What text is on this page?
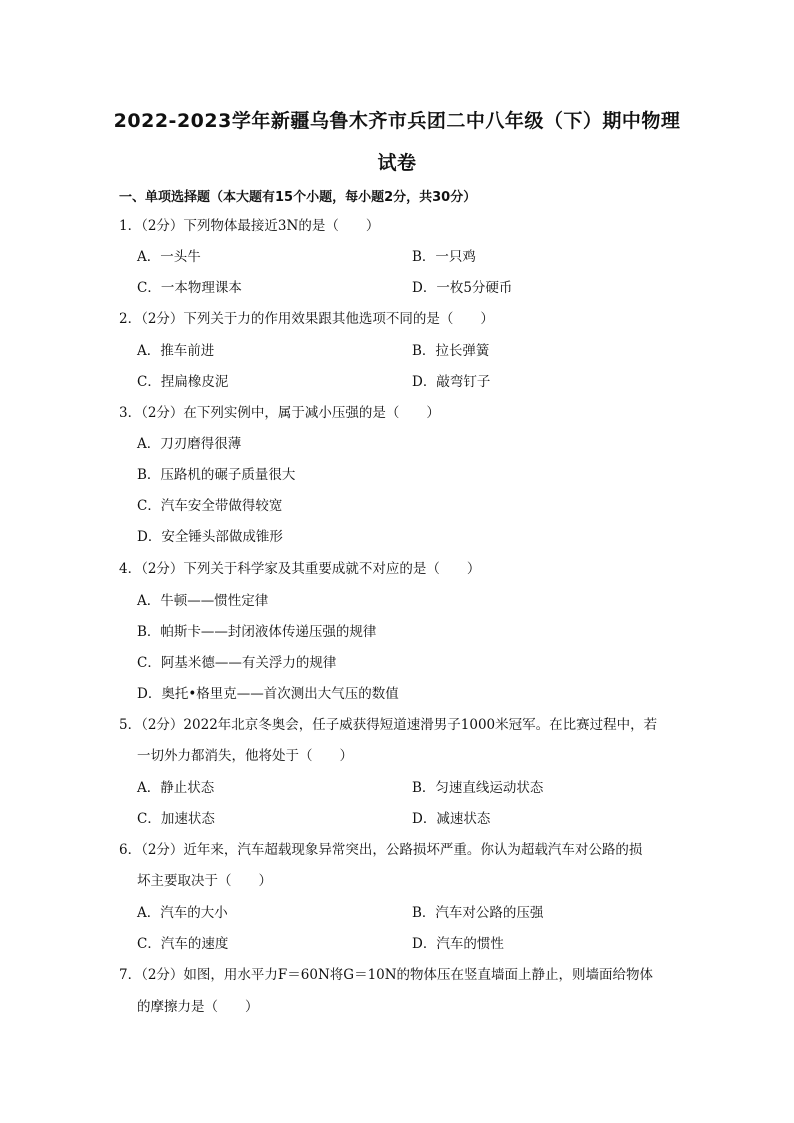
2022-2023学年新疆乌鲁木齐市兵团二中八年级（下）期中物理
试卷
一、单项选择题（本大题有15个小题，每小题2分，共30分）
1．（2分）下列物体最接近3N的是（　　）
A．一头牛	B．一只鸡
C．一本物理课本	D．一枚5分硬币
2．（2分）下列关于力的作用效果跟其他选项不同的是（　　）
A．推车前进	B．拉长弹簧
C．捏扁橡皮泥	D．敲弯钉子
3．（2分）在下列实例中，属于减小压强的是（　　）
A．刀刃磨得很薄
B．压路机的碾子质量很大
C．汽车安全带做得较宽
D．安全锤头部做成锥形
4．（2分）下列关于科学家及其重要成就不对应的是（　　）
A．牛顿——惯性定律
B．帕斯卡——封闭液体传递压强的规律
C．阿基米德——有关浮力的规律
D．奥托•格里克——首次测出大气压的数值
5．（2分）2022年北京冬奥会，任子威获得短道速滑男子1000米冠军。在比赛过程中，若
一切外力都消失，他将处于（　　）
A．静止状态	B．匀速直线运动状态
C．加速状态	D．减速状态
6．（2分）近年来，汽车超载现象异常突出，公路损坏严重。你认为超载汽车对公路的损
坏主要取决于（　　）
A．汽车的大小	B．汽车对公路的压强
C．汽车的速度	D．汽车的惯性
7．（2分）如图，用水平力F＝60N将G＝10N的物体压在竖直墙面上静止，则墙面给物体
的摩擦力是（　　）
